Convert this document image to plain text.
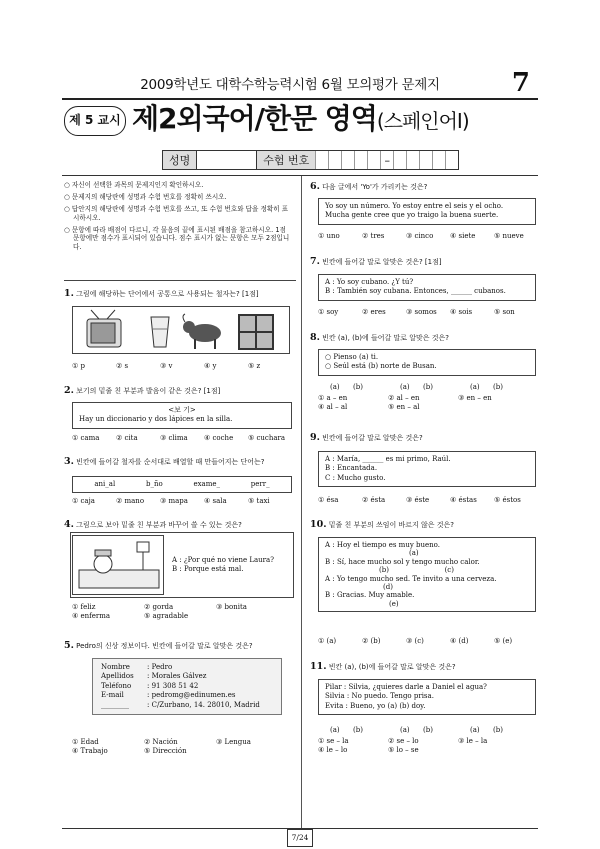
2009학년도 대학수학능력시험 6월 모의평가 문제지	7
제 5 교시 제2외국어/한문 영역(스페인어Ⅰ)
성명	수험 번호	–
○ 자신이 선택한 과목의 문제지인지 확인하시오.
○ 문제지의 해당란에 성명과 수험 번호를 정확히 쓰시오.
○ 답안지의 해당란에 성명과 수험 번호를 쓰고, 또 수험 번호와 답을 정확히 표시하시오.
○ 문항에 따라 배점이 다르니, 각 물음의 끝에 표시된 배점을 참고하시오. 1점 문항에만 점수가 표시되어 있습니다. 점수 표시가 없는 문항은 모두 2점입니다.
1. 그림에 해당하는 단어에서 공통으로 사용되는 철자는? [1점]
① p	② s	③ v	④ y	⑤ z
2. 보기의 밑줄 친 부분과 발음이 같은 것은? [1점]
<보 기>
Hay un diccionario y dos lápices en la silla.
① cama	② cita	③ clima	④ coche	⑤ cuchara
3. 빈칸에 들어갈 철자를 순서대로 배열할 때 만들어지는 단어는?
ani_al	b_ño	exame_	perr_
① caja	② mano	③ mapa	④ sala	⑤ taxi
4. 그림으로 보아 밑줄 친 부분과 바꾸어 쓸 수 있는 것은?
A : ¿Por qué no viene Laura?
B : Porque está mal.
① feliz	② gorda	③ bonita
④ enferma	⑤ agradable
5. Pedro의 신상 정보이다. 빈칸에 들어갈 말로 알맞은 것은?
Nombre	: Pedro
Apellidos	: Morales Gálvez
Teléfono	: 91 308 51 42
E-mail	: pedromg@edinumen.es
________	: C/Zurbano, 14. 28010, Madrid
① Edad	② Nación	③ Lengua
④ Trabajo	⑤ Dirección
6. 다음 글에서 'Yo'가 가리키는 것은?
Yo soy un número. Yo estoy entre el seis y el ocho. Mucha gente cree que yo traigo la buena suerte.
① uno	② tres	③ cinco	④ siete	⑤ nueve
7. 빈칸에 들어갈 말로 알맞은 것은? [1점]
A : Yo soy cubano. ¿Y tú?
B : También soy cubana. Entonces, ______ cubanos.
① soy	② eres	③ somos	④ sois	⑤ son
8. 빈칸 (a), (b)에 들어갈 말로 알맞은 것은?
○ Pienso (a) ti.
○ Seúl está (b) norte de Busan.
(a)	(b)	(a)	(b)	(a)	(b)
① a – en	② al – en	③ en – en
④ al – al	⑤ en – al
9. 빈칸에 들어갈 말로 알맞은 것은?
A : María, ______ es mi primo, Raúl.
B : Encantada.
C : Mucho gusto.
① ésa	② ésta	③ éste	④ éstas	⑤ éstos
10. 밑줄 친 부분의 쓰임이 바르지 않은 것은?
A : Hoy el tiempo es muy bueno.
(a)
B : Sí, hace mucho sol y tengo mucho calor.
(b)                         (c)
A : Yo tengo mucho sed. Te invito a una cerveza.
(d)
B : Gracias. Muy amable.
(e)
① (a)	② (b)	③ (c)	④ (d)	⑤ (e)
11. 빈칸 (a), (b)에 들어갈 말로 알맞은 것은?
Pilar : Silvia, ¿quieres darle a Daniel el agua?
Silvia : No puedo. Tengo prisa.
Evita : Bueno, yo (a) (b) doy.
(a)	(b)	(a)	(b)	(a)	(b)
① se – la	② se – lo	③ le – la
④ le – lo	⑤ lo – se
7/24
